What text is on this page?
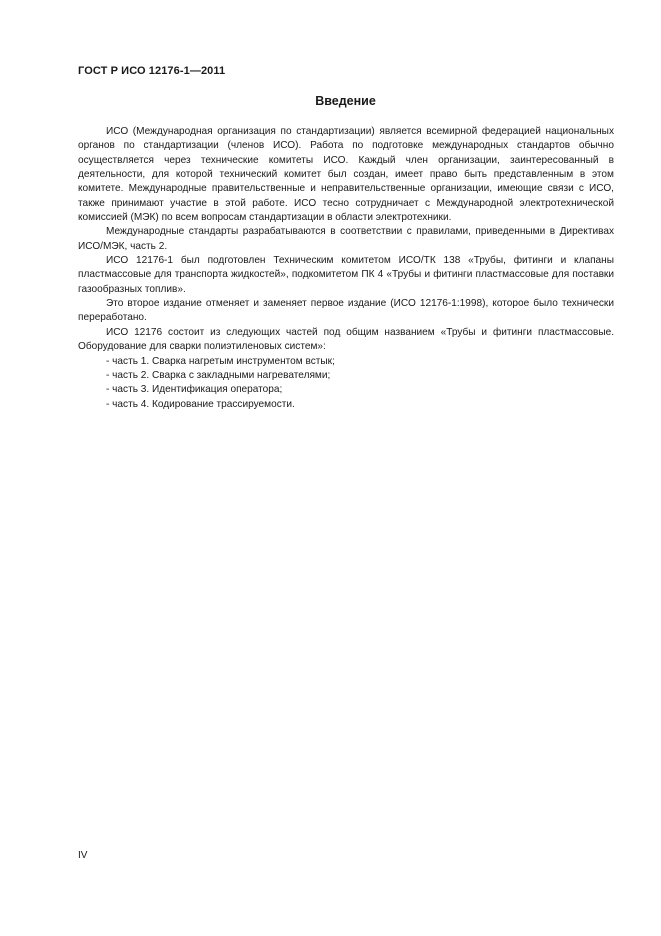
ГОСТ Р ИСО 12176-1—2011
Введение

ИСО (Международная организация по стандартизации) является всемирной федерацией национальных органов по стандартизации (членов ИСО). Работа по подготовке международных стандартов обычно осуществляется через технические комитеты ИСО. Каждый член организации, заинтересованный в деятельности, для которой технический комитет был создан, имеет право быть представленным в этом комитете. Международные правительственные и неправительственные организации, имеющие связи с ИСО, также принимают участие в этой работе. ИСО тесно сотрудничает с Международной электротехнической комиссией (МЭК) по всем вопросам стандартизации в области электротехники.

Международные стандарты разрабатываются в соответствии с правилами, приведенными в Директивах ИСО/МЭК, часть 2.

ИСО 12176-1 был подготовлен Техническим комитетом ИСО/ТК 138 «Трубы, фитинги и клапаны пластмассовые для транспорта жидкостей», подкомитетом ПК 4 «Трубы и фитинги пластмассовые для поставки газообразных топлив».

Это второе издание отменяет и заменяет первое издание (ИСО 12176-1:1998), которое было технически переработано.

ИСО 12176 состоит из следующих частей под общим названием «Трубы и фитинги пластмассовые. Оборудование для сварки полиэтиленовых систем»:

- часть 1. Сварка нагретым инструментом встык;
- часть 2. Сварка с закладными нагревателями;
- часть 3. Идентификация оператора;
- часть 4. Кодирование трассируемости.
IV
